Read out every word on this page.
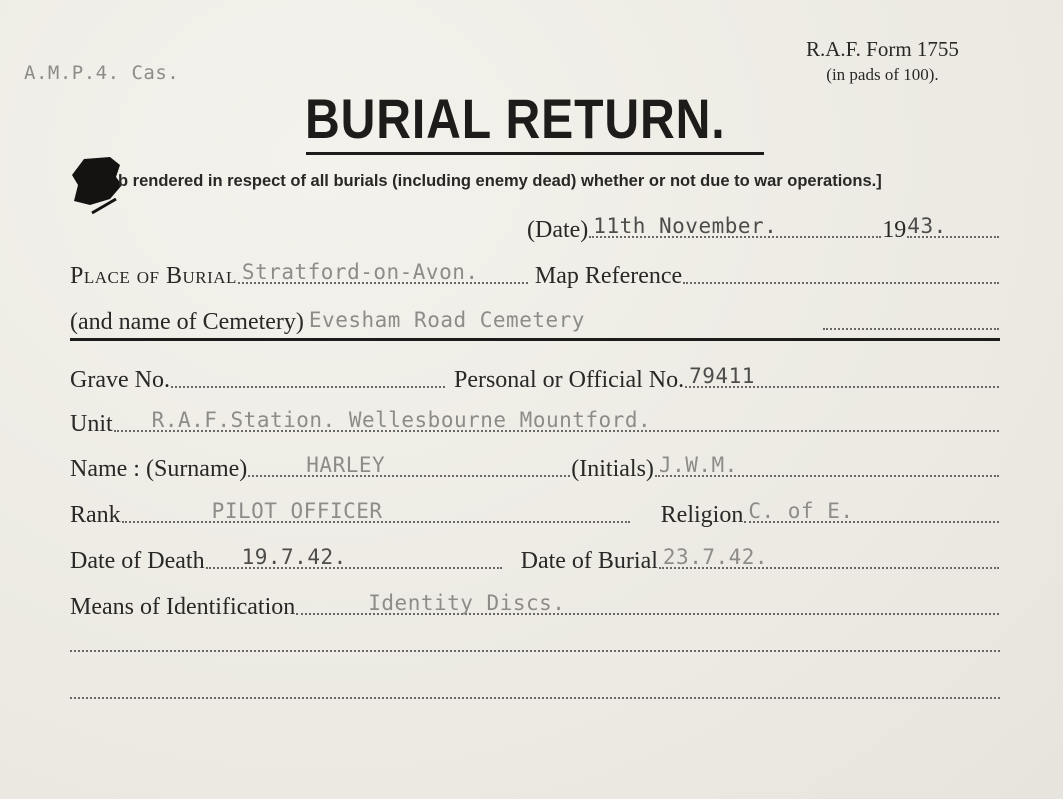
A.M.P.4. Cas.
R.A.F. Form 1755
(in pads of 100).
BURIAL RETURN.
b rendered in respect of all burials (including enemy dead) whether or not due to war operations.]
(Date) 11th November.	19 43.
Place of Burial Stratford-on-Avon. Map Reference
(and name of Cemetery) Evesham Road Cemetery
Grave No.	Personal or Official No. 79411
Unit R.A.F.Station. Wellesbourne Mountford.
Name : (Surname)	HARLEY	(Initials) J.W.M.
Rank	PILOT OFFICER	Religion C. of E.
Date of Death 19.7.42.	Date of Burial 23.7.42.
Means of Identification	Identity Discs.
